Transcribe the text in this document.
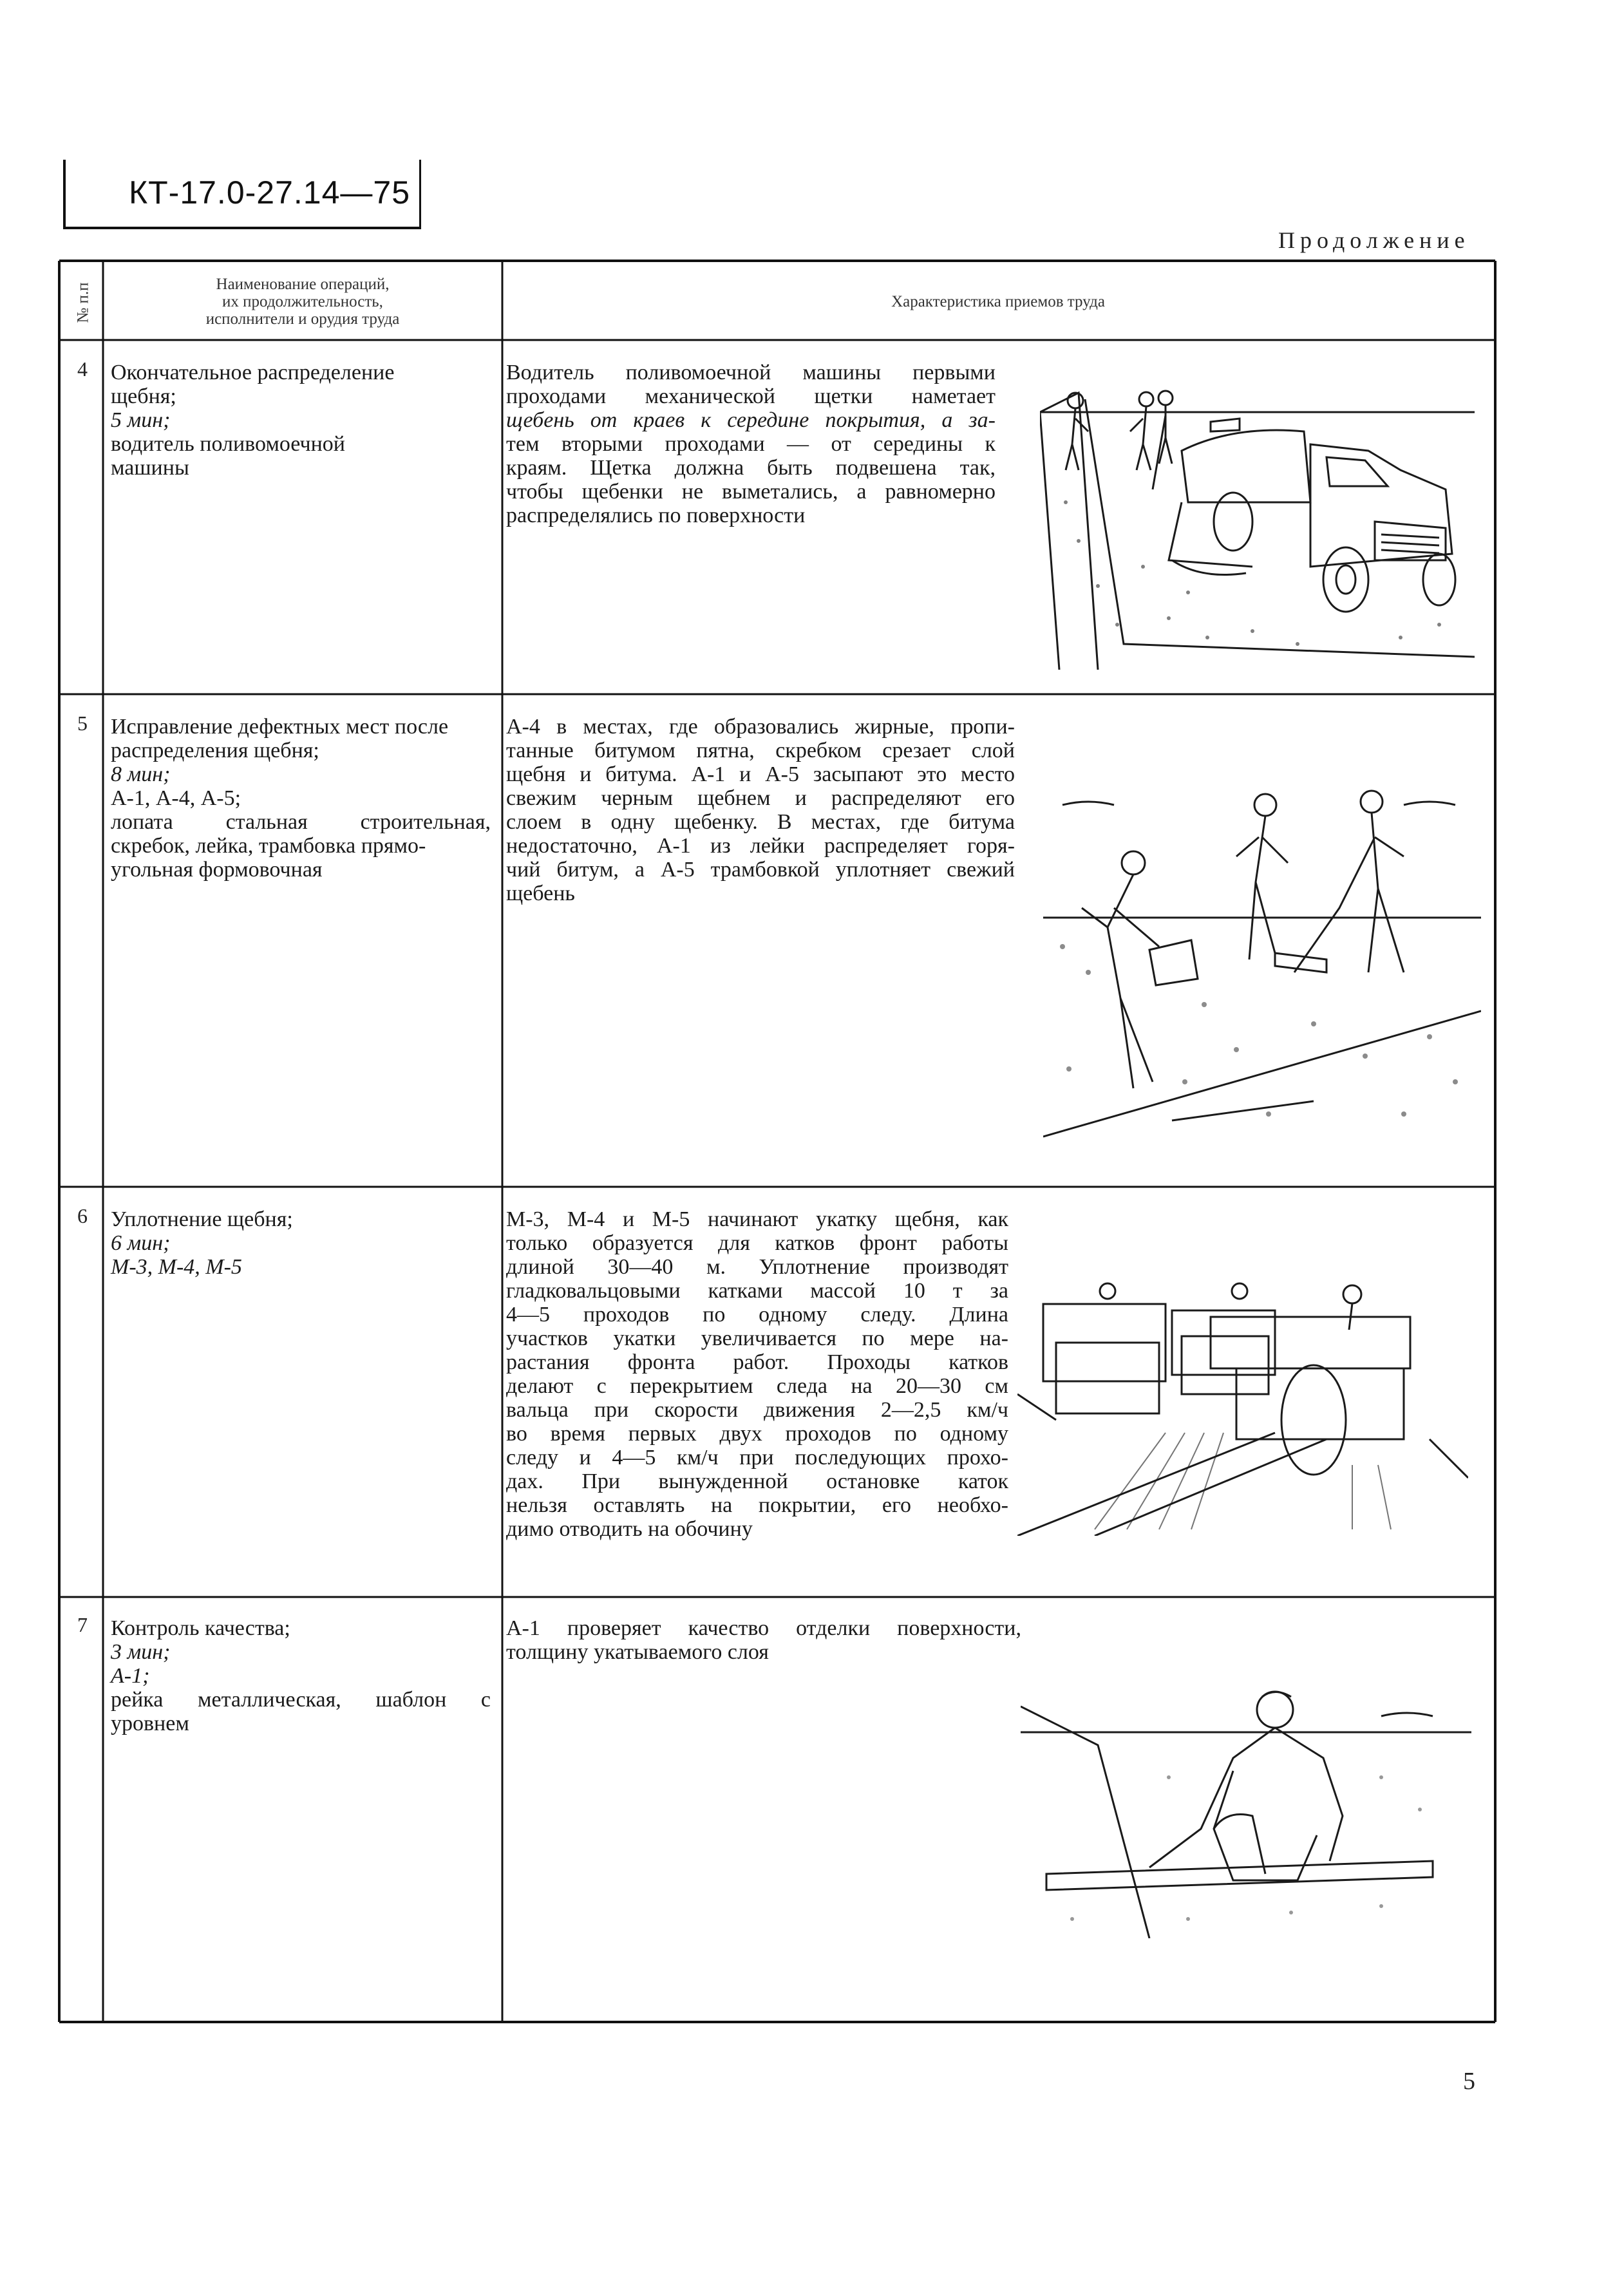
КТ-17.0-27.14—75
Продолжение
№ п.п	Наименование операций,
их продолжительность,
исполнители и орудия труда
Характеристика приемов труда
4 Окончательное распределение
щебня;
5 мин;
водитель поливомоечной
машины
Водитель поливомоечной машины первыми
проходами механической щетки наметает
щебень от краев к середине покрытия, а за-
тем вторыми проходами — от середины к
краям. Щетка должна быть подвешена так,
чтобы щебенки не выметались, а равномерно
распределялись по поверхности
5 Исправление дефектных мест после
распределения щебня;
8 мин;
А-1, А-4, А-5;
лопата стальная строительная,
скребок, лейка, трамбовка прямо-
угольная формовочная
А-4 в местах, где образовались жирные, пропи-
танные битумом пятна, скребком срезает слой
щебня и битума. А-1 и А-5 засыпают это место
свежим черным щебнем и распределяют его
слоем в одну щебенку. В местах, где битума
недостаточно, А-1 из лейки распределяет горя-
чий битум, а А-5 трамбовкой уплотняет свежий
щебень
6 Уплотнение щебня;
6 мин;
М-3, М-4, М-5
М-3, М-4 и М-5 начинают укатку щебня, как
только образуется для катков фронт работы
длиной 30—40 м. Уплотнение производят
гладковальцовыми катками массой 10 т за
4—5 проходов по одному следу. Длина
участков укатки увеличивается по мере на-
растания фронта работ. Проходы катков
делают с перекрытием следа на 20—30 см
вальца при скорости движения 2—2,5 км/ч
во время первых двух проходов по одному
следу и 4—5 км/ч при последующих прохо-
дах. При вынужденной остановке каток
нельзя оставлять на покрытии, его необхо-
димо отводить на обочину
7 Контроль качества;
3 мин;
А-1;
рейка металлическая, шаблон с
уровнем
А-1 проверяет качество отделки поверхности,
толщину укатываемого слоя
5
